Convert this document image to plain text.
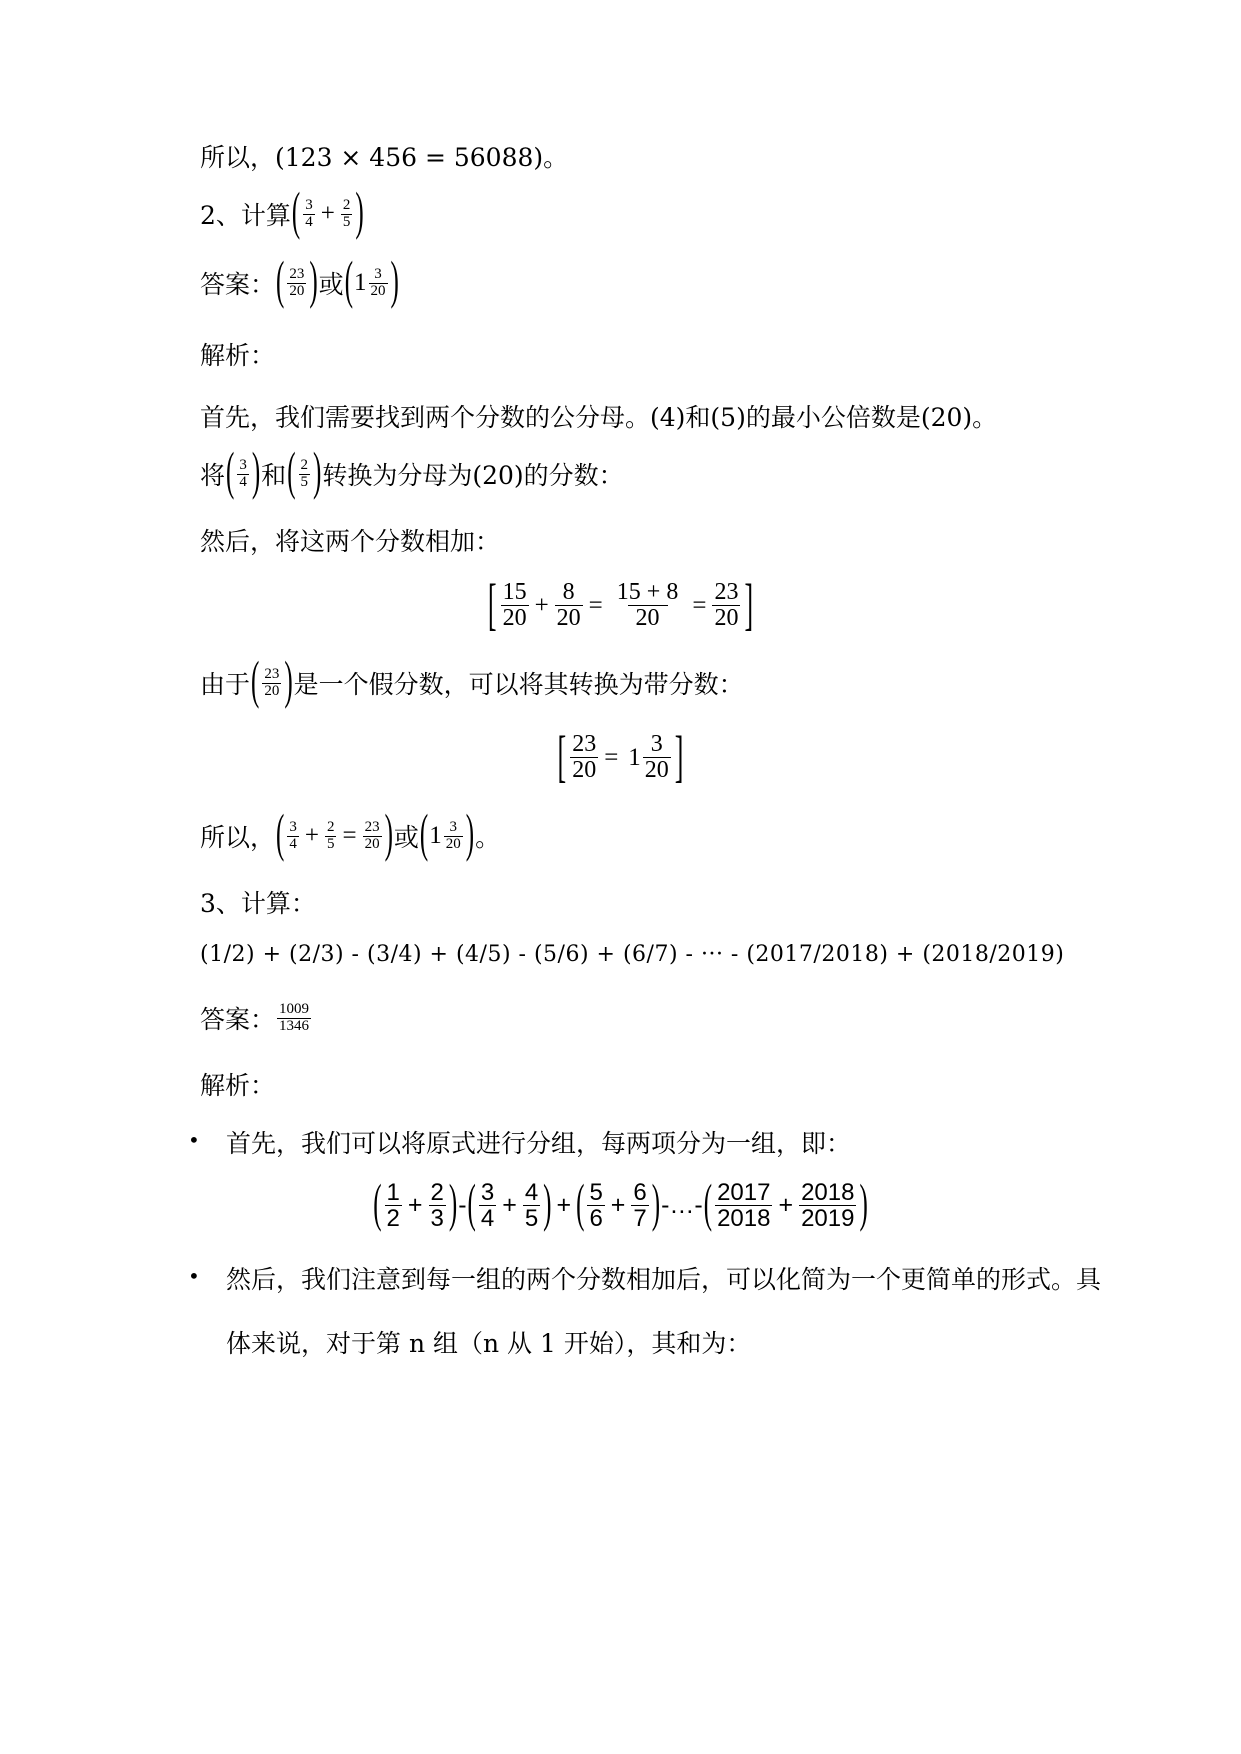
所以，(123 × 456 = 56088)。
2、计算 ( $\frac{3}{4} + \frac{2}{5}$ )
答案： ( $\frac{23}{20}$ ) 或 ( $1 \frac{3}{20}$ )
解析：
首先，我们需要找到两个分数的公分母。(4)和(5)的最小公倍数是(20)。
将 ( $\frac{3}{4}$ ) 和 ( $\frac{2}{5}$ ) 转换为分母为(20)的分数：
然后，将这两个分数相加：
[ $\frac{15}{20} + \frac{8}{20} = \frac{15 + 8}{20} = \frac{23}{20}$ ]
由于 ( $\frac{23}{20}$ ) 是一个假分数，可以将其转换为带分数：
[ $\frac{23}{20} = 1 \frac{3}{20}$ ]
所以， ( $\frac{3}{4} + \frac{2}{5} = \frac{23}{20}$ ) 或 ( $1 \frac{3}{20}$ ) 。
3、计算：
(1/2) + (2/3) - (3/4) + (4/5) - (5/6) + (6/7) - ··· - (2017/2018) + (2018/2019)
答案： $\frac{1009}{1346}$
解析：
• 首先，我们可以将原式进行分组，每两项分为一组，即：
( $\frac{1}{2} + \frac{2}{3}$ ) - ( $\frac{3}{4} + \frac{4}{5}$ ) + ( $\frac{5}{6} + \frac{6}{7}$ ) - … - ( $\frac{2017}{2018} + \frac{2018}{2019}$ )
• 然后，我们注意到每一组的两个分数相加后，可以化简为一个更简单的形式。具
体来说，对于第 n 组（n 从 1 开始），其和为：
